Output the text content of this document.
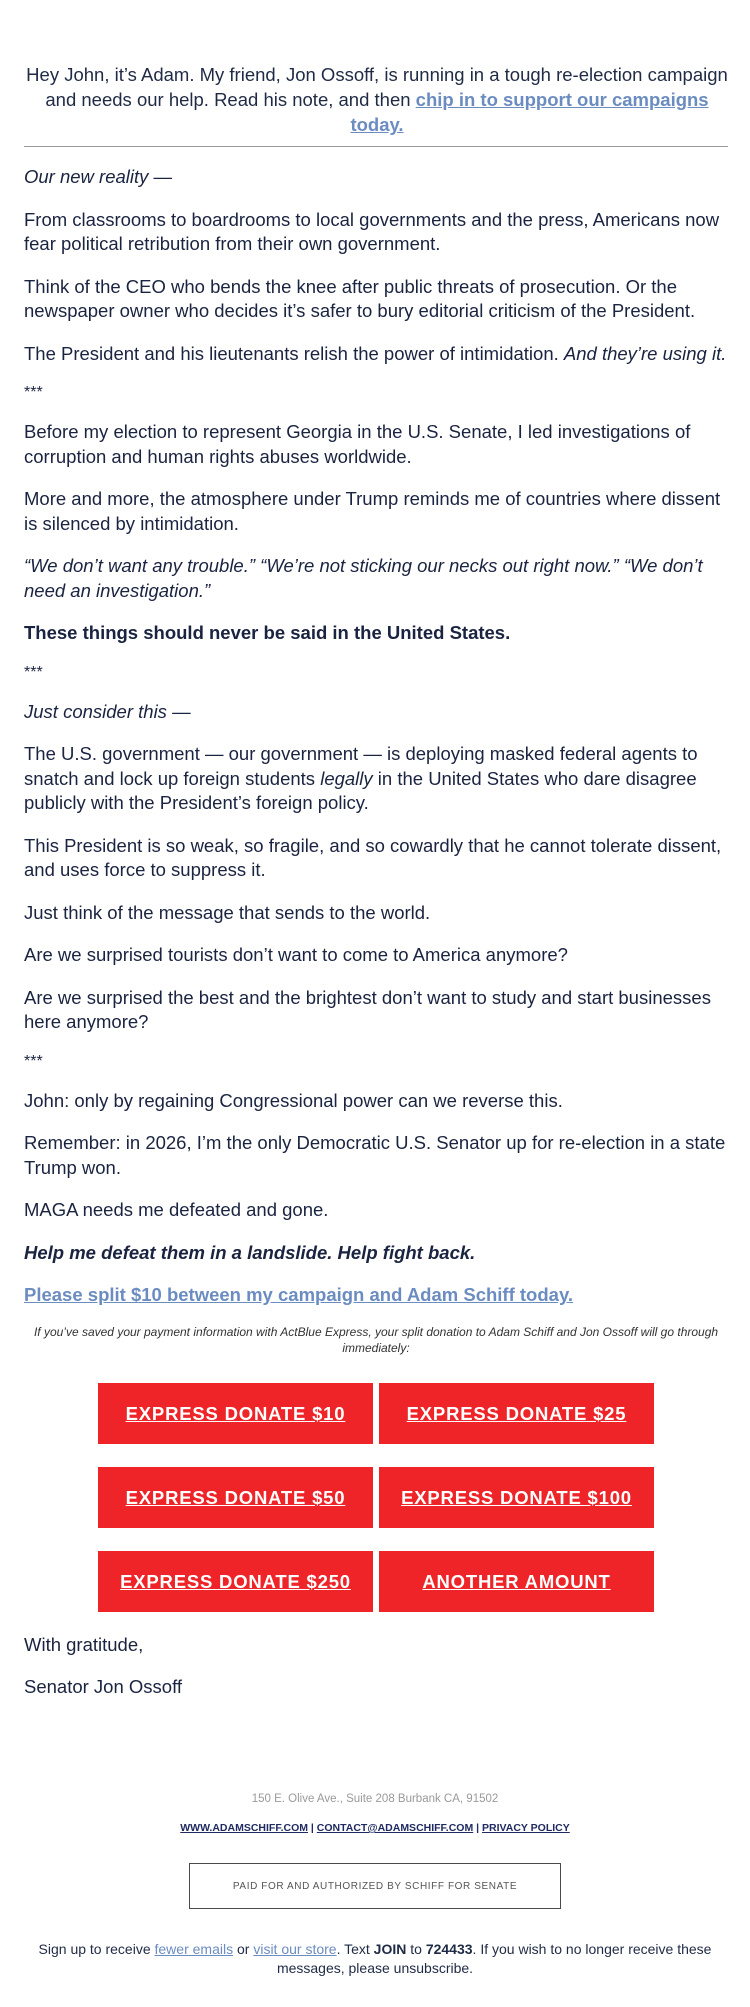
Hey John, it’s Adam. My friend, Jon Ossoff, is running in a tough re-election campaign and needs our help. Read his note, and then chip in to support our campaigns today.

Our new reality —

From classrooms to boardrooms to local governments and the press, Americans now fear political retribution from their own government.

Think of the CEO who bends the knee after public threats of prosecution. Or the newspaper owner who decides it’s safer to bury editorial criticism of the President.

The President and his lieutenants relish the power of intimidation. And they’re using it.

***

Before my election to represent Georgia in the U.S. Senate, I led investigations of corruption and human rights abuses worldwide.

More and more, the atmosphere under Trump reminds me of countries where dissent is silenced by intimidation.

“We don’t want any trouble.” “We’re not sticking our necks out right now.” “We don’t need an investigation.”

These things should never be said in the United States.

***

Just consider this —

The U.S. government — our government — is deploying masked federal agents to snatch and lock up foreign students legally in the United States who dare disagree publicly with the President’s foreign policy.

This President is so weak, so fragile, and so cowardly that he cannot tolerate dissent, and uses force to suppress it.

Just think of the message that sends to the world.

Are we surprised tourists don’t want to come to America anymore?

Are we surprised the best and the brightest don’t want to study and start businesses here anymore?

***

John: only by regaining Congressional power can we reverse this.

Remember: in 2026, I’m the only Democratic U.S. Senator up for re-election in a state Trump won.

MAGA needs me defeated and gone.

Help me defeat them in a landslide. Help fight back.

Please split $10 between my campaign and Adam Schiff today.

If you’ve saved your payment information with ActBlue Express, your split donation to Adam Schiff and Jon Ossoff will go through immediately:
EXPRESS DONATE $10	EXPRESS DONATE $25
EXPRESS DONATE $50	EXPRESS DONATE $100
EXPRESS DONATE $250	ANOTHER AMOUNT
With gratitude,
Senator Jon Ossoff
150 E. Olive Ave., Suite 208 Burbank CA, 91502
WWW.ADAMSCHIFF.COM | CONTACT@ADAMSCHIFF.COM | PRIVACY POLICY
PAID FOR AND AUTHORIZED BY SCHIFF FOR SENATE
Sign up to receive fewer emails or visit our store. Text JOIN to 724433. If you wish to no longer receive these messages, please unsubscribe.
